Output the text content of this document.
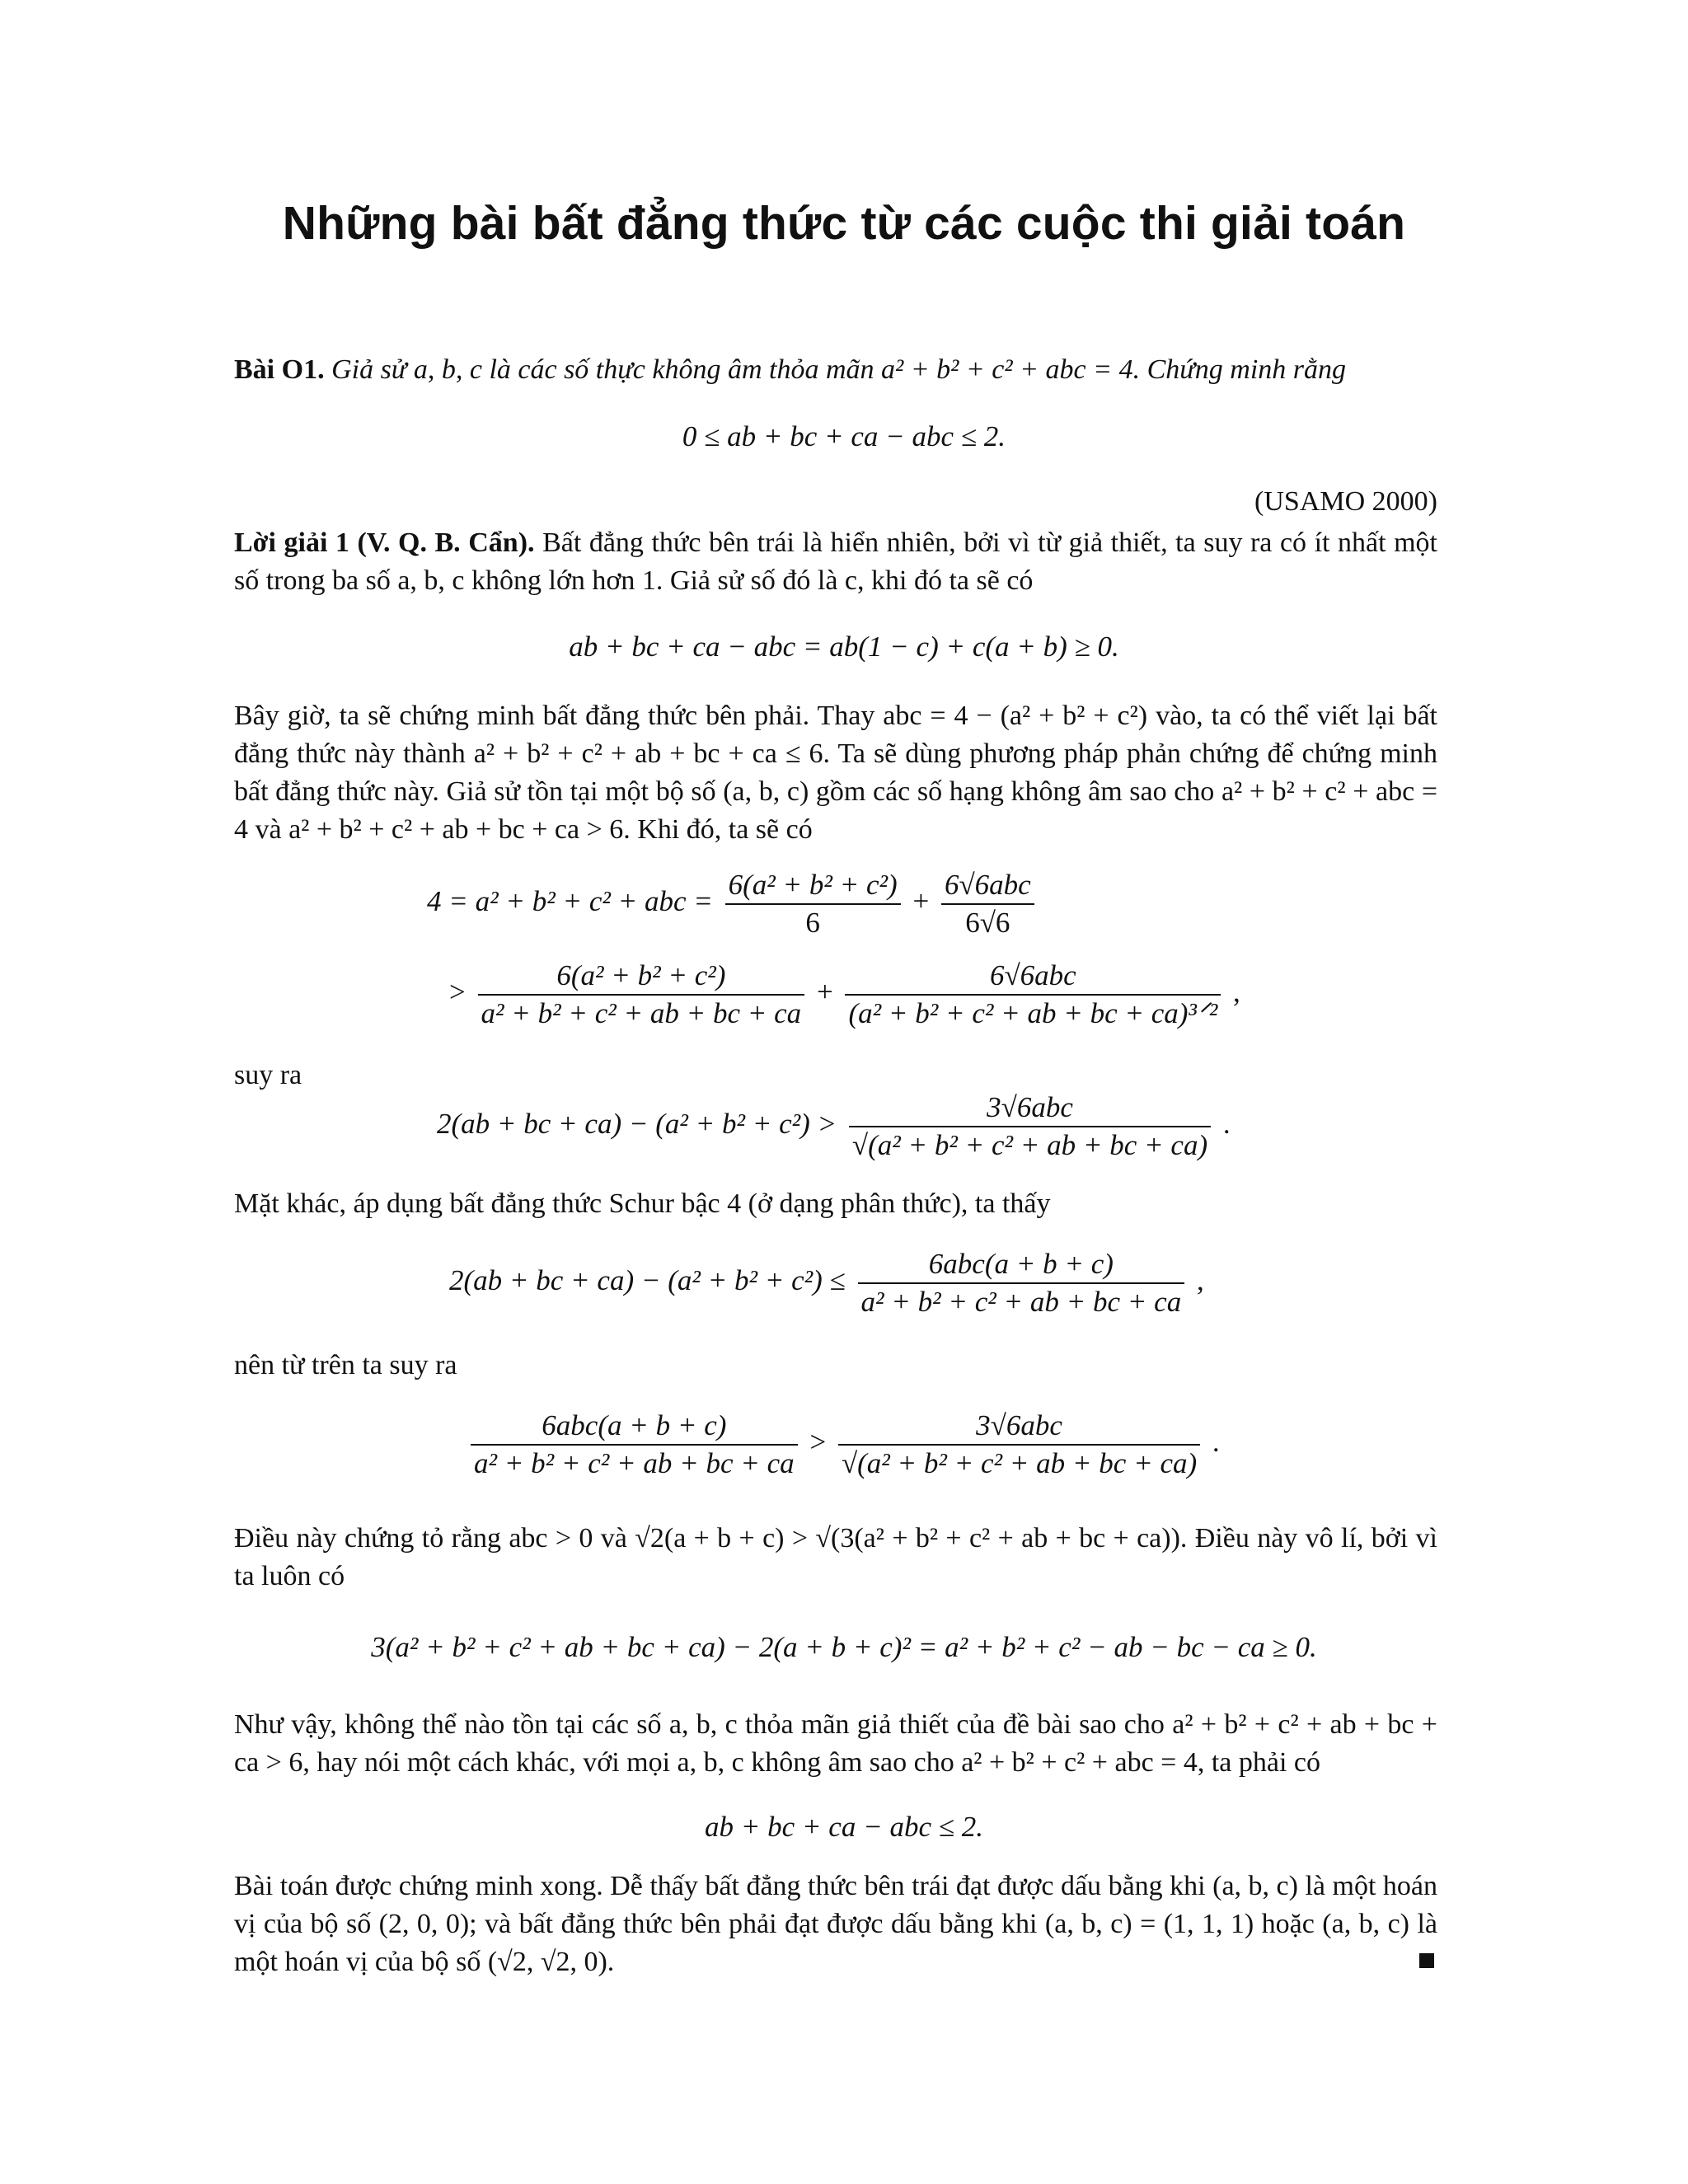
Những bài bất đẳng thức từ các cuộc thi giải toán
Bài O1. Giả sử a, b, c là các số thực không âm thỏa mãn a² + b² + c² + abc = 4. Chứng minh rằng
0 ≤ ab + bc + ca − abc ≤ 2.
(USAMO 2000)
Lời giải 1 (V. Q. B. Cẩn). Bất đẳng thức bên trái là hiển nhiên, bởi vì từ giả thiết, ta suy ra có ít nhất một số trong ba số a, b, c không lớn hơn 1. Giả sử số đó là c, khi đó ta sẽ có
ab + bc + ca − abc = ab(1 − c) + c(a + b) ≥ 0.
Bây giờ, ta sẽ chứng minh bất đẳng thức bên phải. Thay abc = 4 − (a² + b² + c²) vào, ta có thể viết lại bất đẳng thức này thành a² + b² + c² + ab + bc + ca ≤ 6. Ta sẽ dùng phương pháp phản chứng để chứng minh bất đẳng thức này. Giả sử tồn tại một bộ số (a, b, c) gồm các số hạng không âm sao cho a² + b² + c² + abc = 4 và a² + b² + c² + ab + bc + ca > 6. Khi đó, ta sẽ có
4 = a² + b² + c² + abc = $\frac{\text{6(a² + b² + c²)}}{6} + \frac{\text{6√6abc}}{6√6}$
> $\frac{\text{6(a² + b² + c²)}}{\text{a² + b² + c² + ab + bc + ca}} + \frac{\text{6√6abc}}{\text{(a² + b² + c² + ab + bc + ca)³ᐟ²}}$ ,
suy ra
2(ab + bc + $ca) - (a^2 + b^2 + c^2) > \frac{\text{3√6abc}}{\text{√(a² + b² + c² + ab + bc + ca)}}$ .
Mặt khác, áp dụng bất đẳng thức Schur bậc 4 (ở dạng phân thức), ta thấy
2(ab + bc + $ca) - (a^2 + b^2 + c^2) \le \frac{\text{6abc(a + b + c)}}{\text{a² + b² + c² + ab + bc + ca}}$ ,
nên từ trên ta suy ra
$\frac{\text{6abc(a + b + c)}}{\text{a² + b² + c² + ab + bc + ca}} > \frac{\text{3√6abc}}{\text{√(a² + b² + c² + ab + bc + ca)}}$ .
Điều này chứng tỏ rằng abc > 0 và √2(a + b + c) > √(3(a² + b² + c² + ab + bc + ca)). Điều này vô lí, bởi vì ta luôn có
3(a² + b² + c² + ab + bc + ca) − 2(a + b + c)² = a² + b² + c² − ab − bc − ca ≥ 0.
Như vậy, không thể nào tồn tại các số a, b, c thỏa mãn giả thiết của đề bài sao cho a² + b² + c² + ab + bc + ca > 6, hay nói một cách khác, với mọi a, b, c không âm sao cho a² + b² + c² + abc = 4, ta phải có
ab + bc + ca − abc ≤ 2.
Bài toán được chứng minh xong. Dễ thấy bất đẳng thức bên trái đạt được dấu bằng khi (a, b, c) là một hoán vị của bộ số (2, 0, 0); và bất đẳng thức bên phải đạt được dấu bằng khi (a, b, c) = (1, 1, 1) hoặc (a, b, c) là một hoán vị của bộ số (√2, √2, 0).
